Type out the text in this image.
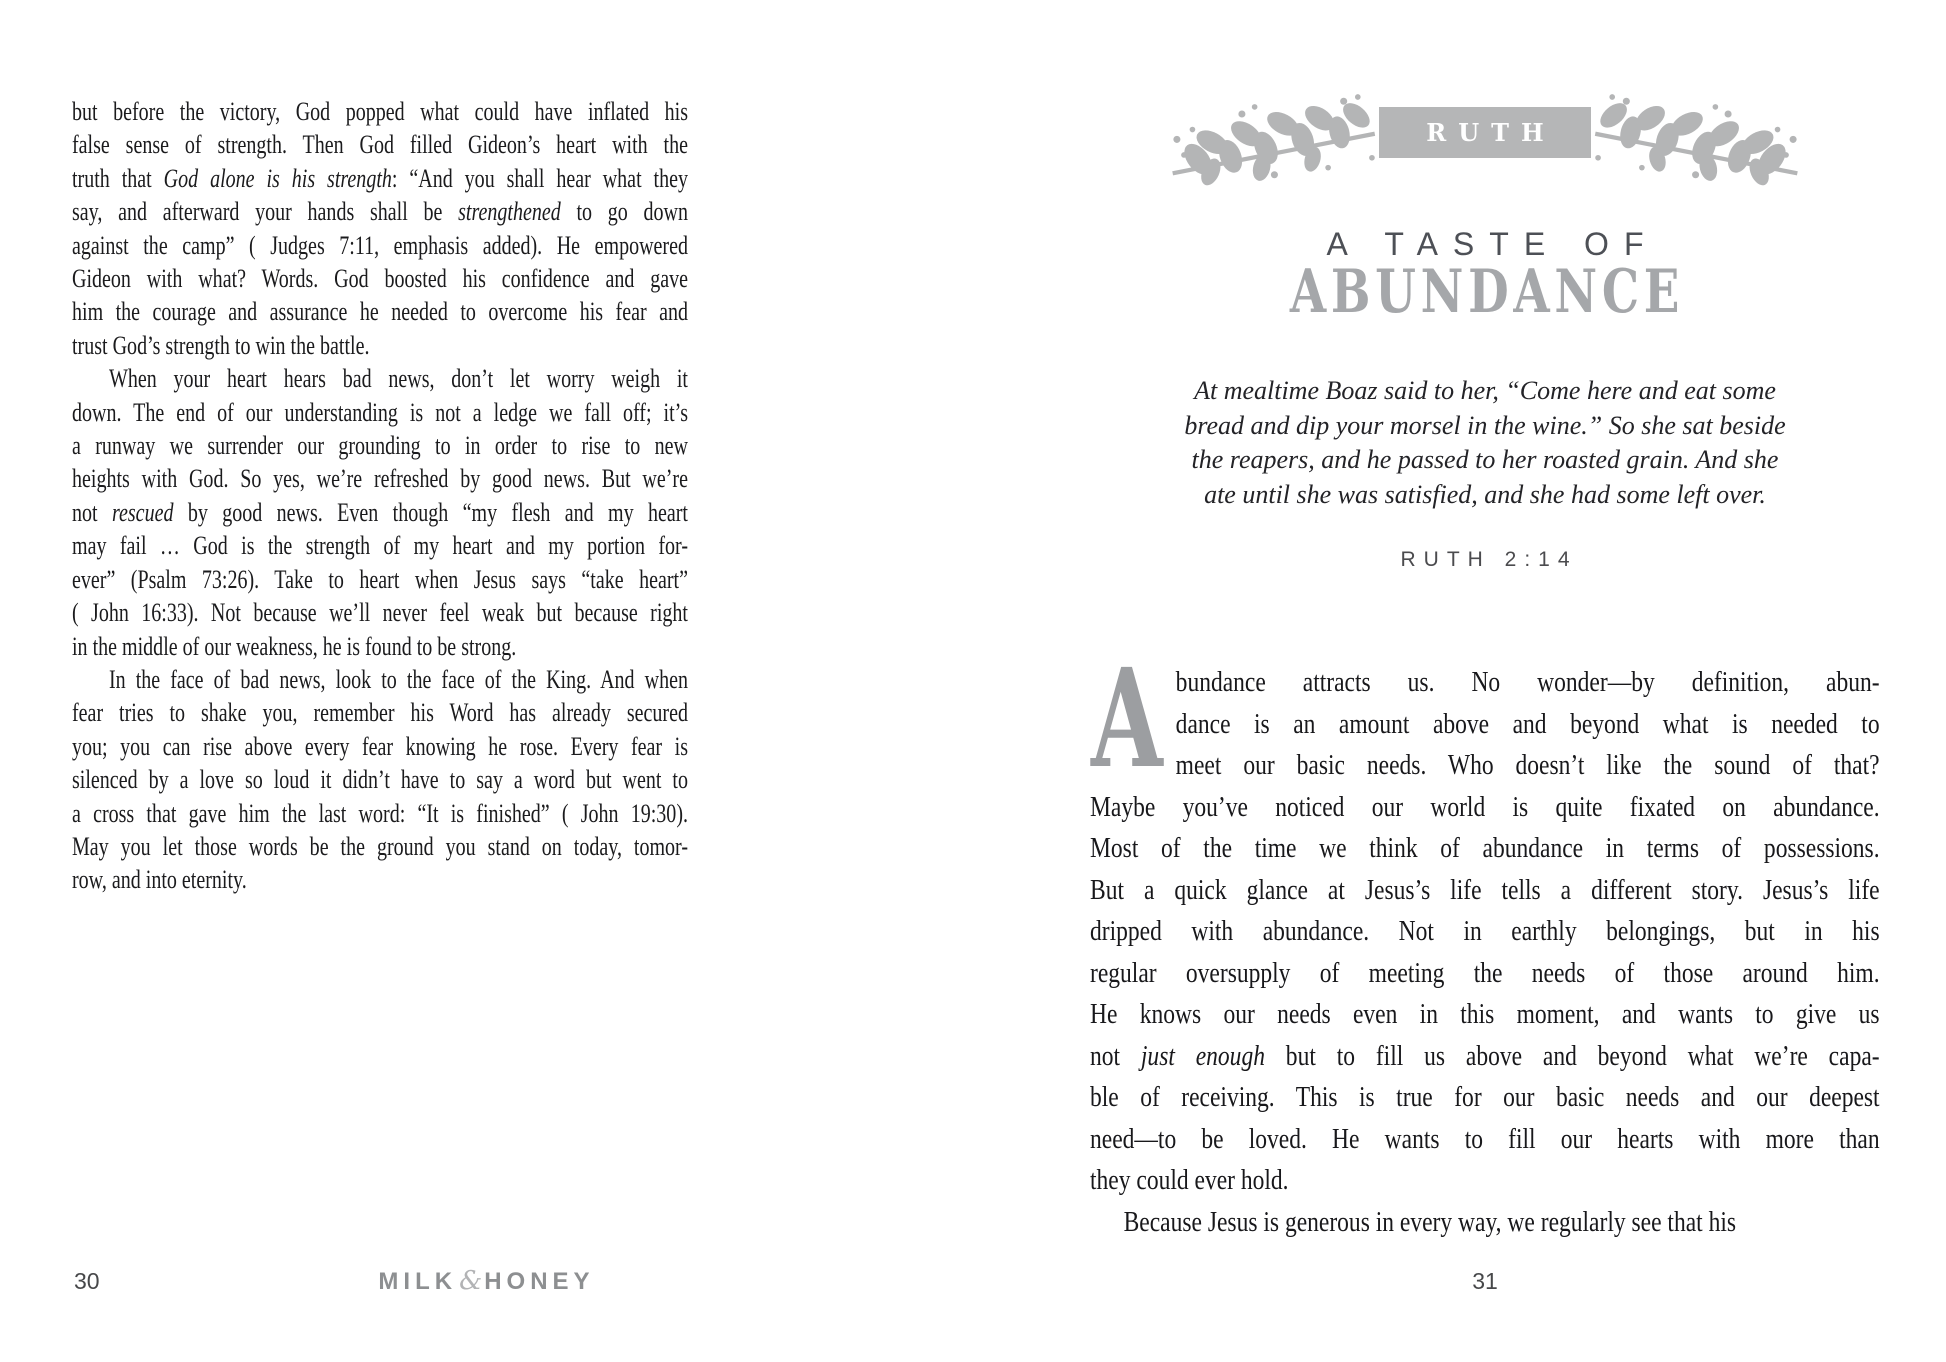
but before the victory, God popped what could have inflated his
false sense of strength. Then God filled Gideon’s heart with the
truth that God alone is his strength: “And you shall hear what they
say, and afterward your hands shall be strengthened to go down
against the camp” ( Judges 7:11, emphasis added). He empowered
Gideon with what? Words. God boosted his confidence and gave
him the courage and assurance he needed to overcome his fear and
trust God’s strength to win the battle.
When your heart hears bad news, don’t let worry weigh it
down. The end of our understanding is not a ledge we fall off; it’s
a runway we surrender our grounding to in order to rise to new
heights with God. So yes, we’re refreshed by good news. But we’re
not rescued by good news. Even though “my flesh and my heart
may fail … God is the strength of my heart and my portion for-
ever” (Psalm 73:26). Take to heart when Jesus says “take heart”
( John 16:33). Not because we’ll never feel weak but because right
in the middle of our weakness, he is found to be strong.
In the face of bad news, look to the face of the King. And when
fear tries to shake you, remember his Word has already secured
you; you can rise above every fear knowing he rose. Every fear is
silenced by a love so loud it didn’t have to say a word but went to
a cross that gave him the last word: “It is finished” ( John 19:30).
May you let those words be the ground you stand on today, tomor-
row, and into eternity.
30	MILK&HONEY
RUTH
A TASTE OF
ABUNDANCE
At mealtime Boaz said to her, “Come here and eat some
bread and dip your morsel in the wine.” So she sat beside
the reapers, and he passed to her roasted grain. And she
ate until she was satisfied, and she had some left over.
RUTH 2:14
A bundance attracts us. No wonder—by definition, abun-
dance is an amount above and beyond what is needed to
meet our basic needs. Who doesn’t like the sound of that?
Maybe you’ve noticed our world is quite fixated on abundance.
Most of the time we think of abundance in terms of possessions.
But a quick glance at Jesus’s life tells a different story. Jesus’s life
dripped with abundance. Not in earthly belongings, but in his
regular oversupply of meeting the needs of those around him.
He knows our needs even in this moment, and wants to give us
not just enough but to fill us above and beyond what we’re capa-
ble of receiving. This is true for our basic needs and our deepest
need—to be loved. He wants to fill our hearts with more than
they could ever hold.
Because Jesus is generous in every way, we regularly see that his
31
